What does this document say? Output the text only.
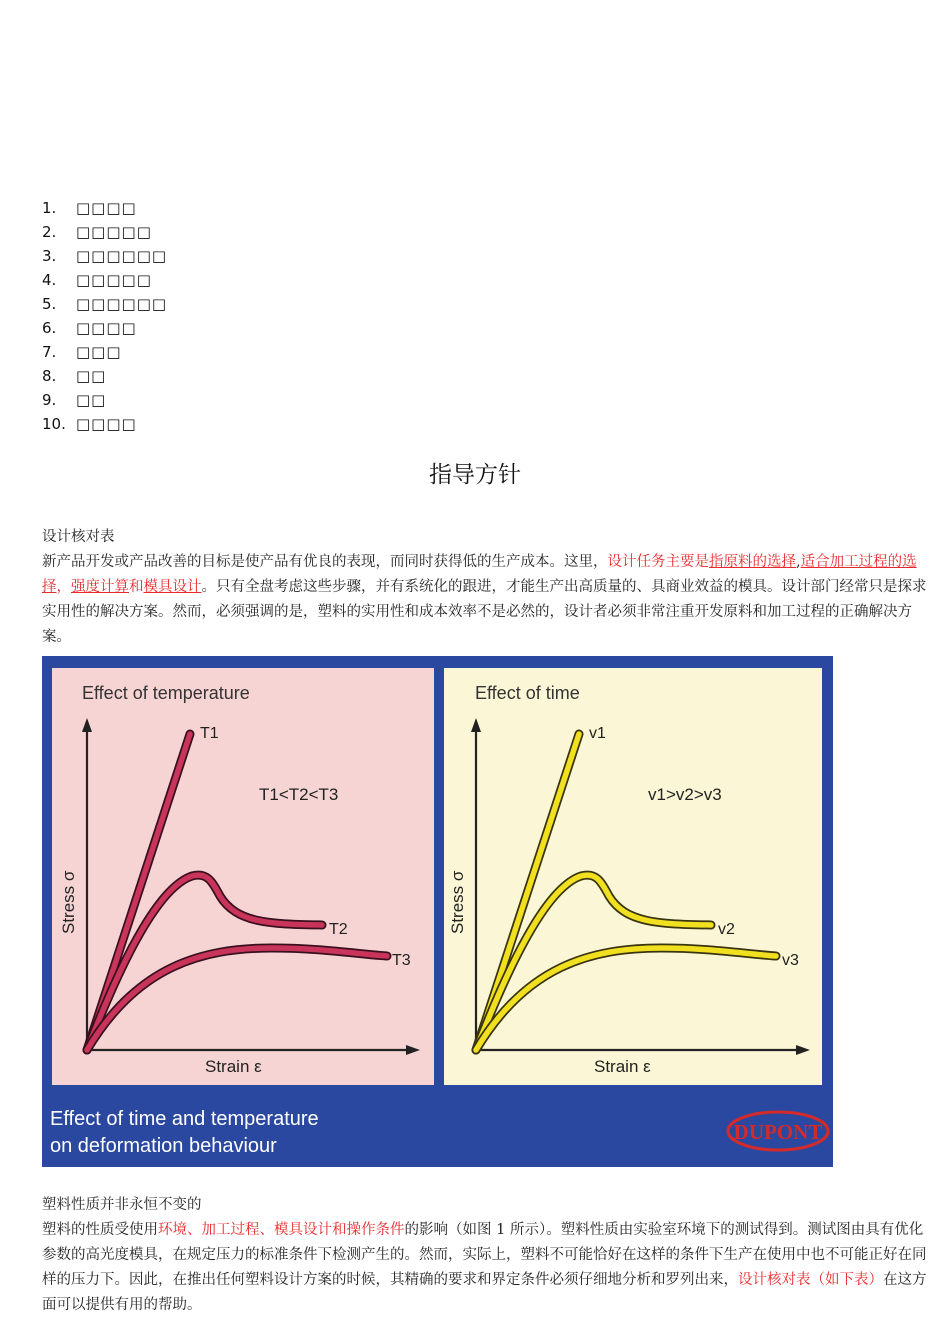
1.	□□□□
2.	□□□□□
3.	□□□□□□
4.	□□□□□
5.	□□□□□□
6.	□□□□
7.	□□□
8.	□□
9.	□□
10. □□□□
指导方针
设计核对表
新产品开发或产品改善的目标是使产品有优良的表现，而同时获得低的生产成本。这里，设计任务主要是指原料的选择,适合加工过程的选择，强度计算和模具设计。只有全盘考虑这些步骤，并有系统化的跟进，才能生产出高质量的、具商业效益的模具。设计部门经常只是探求实用性的解决方案。然而，必须强调的是，塑料的实用性和成本效率不是必然的，设计者必须非常注重开发原料和加工过程的正确解决方案。
Effect of temperature
T1
T2
T3
T1<T2<T3
Strain ε
Stress σ
Effect of time
v1
v2
v3
v1>v2>v3
Strain ε
Stress σ
Effect of time and temperature
on deformation behaviour
DUPONT
塑料性质并非永恒不变的
塑料的性质受使用环境、加工过程、模具设计和操作条件的影响（如图 1 所示）。塑料性质由实验室环境下的测试得到。测试图由具有优化参数的高光度模具，在规定压力的标准条件下检测产生的。然而，实际上，塑料不可能恰好在这样的条件下生产在使用中也不可能正好在同样的压力下。因此，在推出任何塑料设计方案的时候，其精确的要求和界定条件必须仔细地分析和罗列出来，设计核对表（如下表）在这方面可以提供有用的帮助。
